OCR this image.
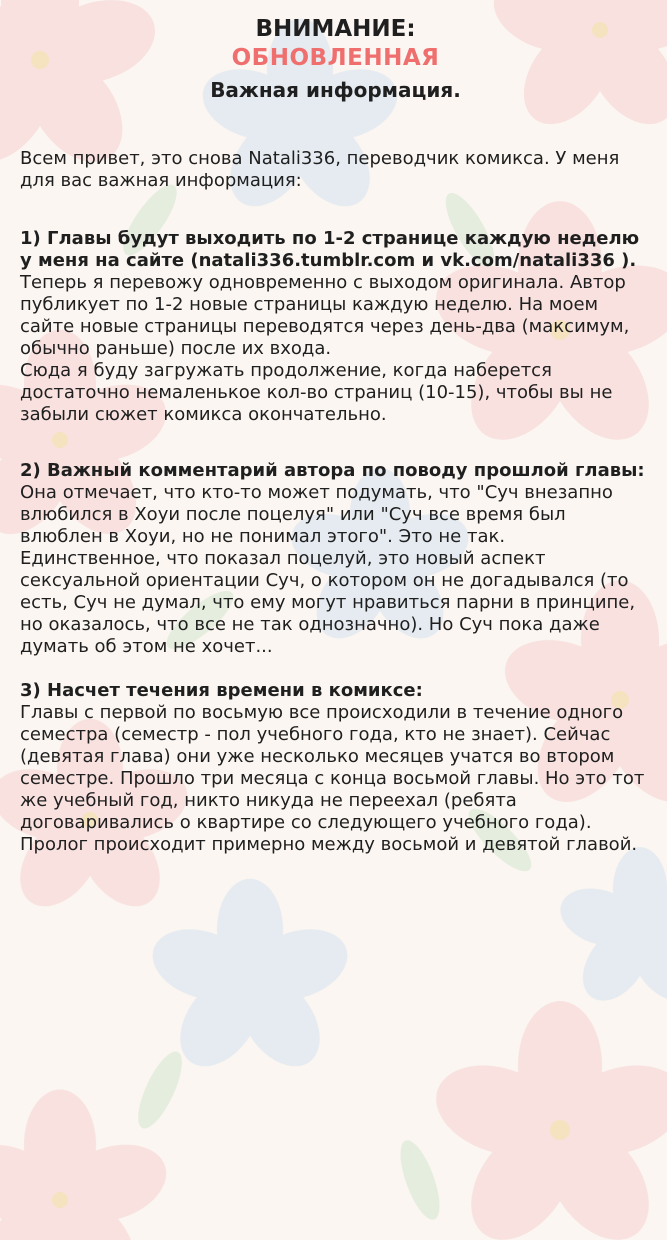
ВНИМАНИЕ:
ОБНОВЛЕННАЯ
Важная информация.

Всем привет, это снова Natali336, переводчик комикса. У меня для вас важная информация:

1) Главы будут выходить по 1-2 странице каждую неделю у меня на сайте (natali336.tumblr.com и vk.com/natali336 ).

Теперь я перевожу одновременно с выходом оригинала. Автор публикует по 1-2 новые страницы каждую неделю. На моем сайте новые страницы переводятся через день-два (максимум, обычно раньше) после их входа.

Сюда я буду загружать продолжение, когда наберется достаточно немаленькое кол-во страниц (10-15), чтобы вы не забыли сюжет комикса окончательно.

2) Важный комментарий автора по поводу прошлой главы:

Она отмечает, что кто-то может подумать, что "Суч внезапно влюбился в Хоуи после поцелуя" или "Суч все время был влюблен в Хоуи, но не понимал этого". Это не так. Единственное, что показал поцелуй, это новый аспект сексуальной ориентации Суч, о котором он не догадывался (то есть, Суч не думал, что ему могут нравиться парни в принципе, но оказалось, что все не так однозначно). Но Суч пока даже думать об этом не хочет...

3) Насчет течения времени в комиксе:

Главы с первой по восьмую все происходили в течение одного семестра (семестр - пол учебного года, кто не знает). Сейчас (девятая глава) они уже несколько месяцев учатся во втором семестре. Прошло три месяца с конца восьмой главы. Но это тот же учебный год, никто никуда не переехал (ребята договаривались о квартире со следующего учебного года).

Пролог происходит примерно между восьмой и девятой главой.
